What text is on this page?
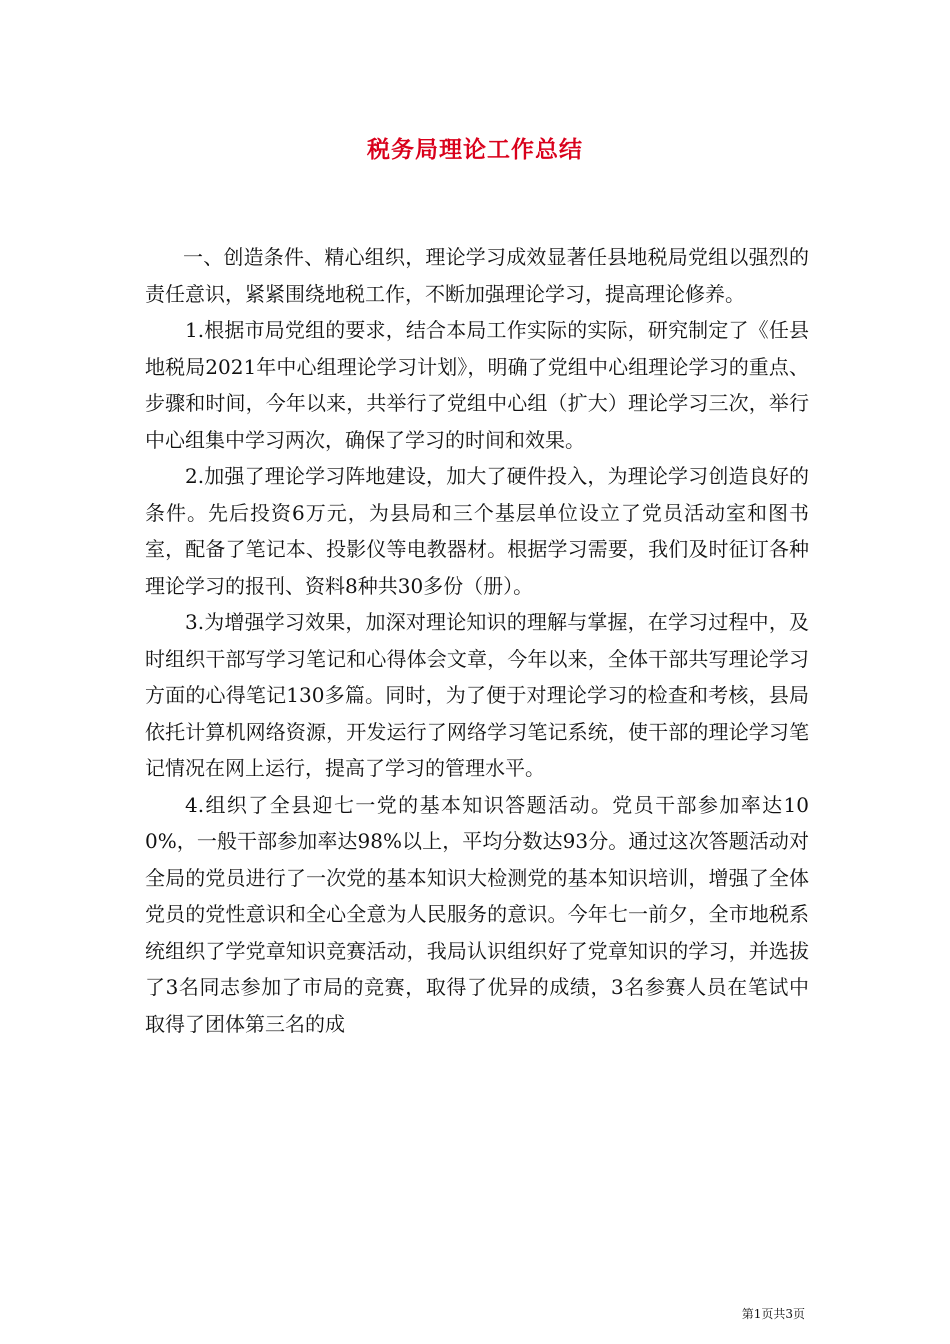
税务局理论工作总结

一、创造条件、精心组织，理论学习成效显著任县地税局党组以强烈的责任意识，紧紧围绕地税工作，不断加强理论学习，提高理论修养。

1.根据市局党组的要求，结合本局工作实际的实际，研究制定了《任县地税局2021年中心组理论学习计划》，明确了党组中心组理论学习的重点、步骤和时间，今年以来，共举行了党组中心组（扩大）理论学习三次，举行中心组集中学习两次，确保了学习的时间和效果。

2.加强了理论学习阵地建设，加大了硬件投入，为理论学习创造良好的条件。先后投资6万元，为县局和三个基层单位设立了党员活动室和图书室，配备了笔记本、投影仪等电教器材。根据学习需要，我们及时征订各种理论学习的报刊、资料8种共30多份（册）。

3.为增强学习效果，加深对理论知识的理解与掌握，在学习过程中，及时组织干部写学习笔记和心得体会文章，今年以来，全体干部共写理论学习方面的心得笔记130多篇。同时，为了便于对理论学习的检查和考核，县局依托计算机网络资源，开发运行了网络学习笔记系统，使干部的理论学习笔记情况在网上运行，提高了学习的管理水平。

4.组织了全县迎七一党的基本知识答题活动。党员干部参加率达100%，一般干部参加率达98%以上，平均分数达93分。通过这次答题活动对全局的党员进行了一次党的基本知识大检测党的基本知识培训，增强了全体党员的党性意识和全心全意为人民服务的意识。今年七一前夕，全市地税系统组织了学党章知识竞赛活动，我局认识组织好了党章知识的学习，并选拔了3名同志参加了市局的竞赛，取得了优异的成绩，3名参赛人员在笔试中取得了团体第三名的成

第1页共3页
